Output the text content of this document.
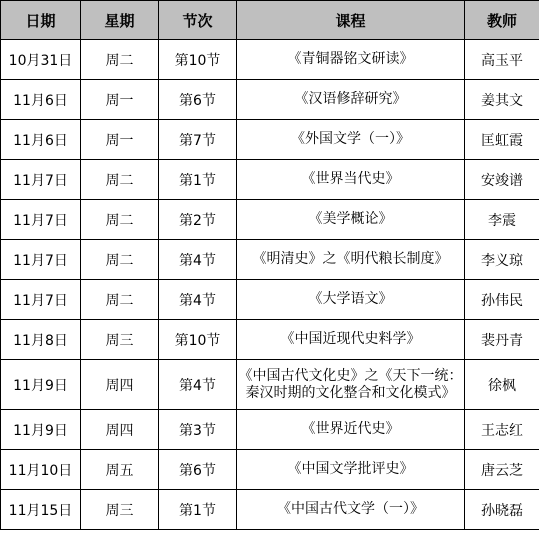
日期	星期	节次	课程	教师
10月31日	周二	第10节	《青铜器铭文研读》	高玉平
11月6日	周一	第6节	《汉语修辞研究》	姜其文
11月6日	周一	第7节	《外国文学（一）》	匡虹霞
11月7日	周二	第1节	《世界当代史》	安竣谱
11月7日	周二	第2节	《美学概论》	李震
11月7日	周二	第4节	《明清史》之《明代粮长制度》	李义琼
11月7日	周二	第4节	《大学语文》	孙伟民
11月8日	周三	第10节	《中国近现代史料学》	裴丹青
11月9日	周四	第4节	《中国古代文化史》之《天下一统：
秦汉时期的文化整合和文化模式》	徐枫
11月9日	周四	第3节	《世界近代史》	王志红
11月10日	周五	第6节	《中国文学批评史》	唐云芝
11月15日	周三	第1节	《中国古代文学（一）》	孙晓磊
